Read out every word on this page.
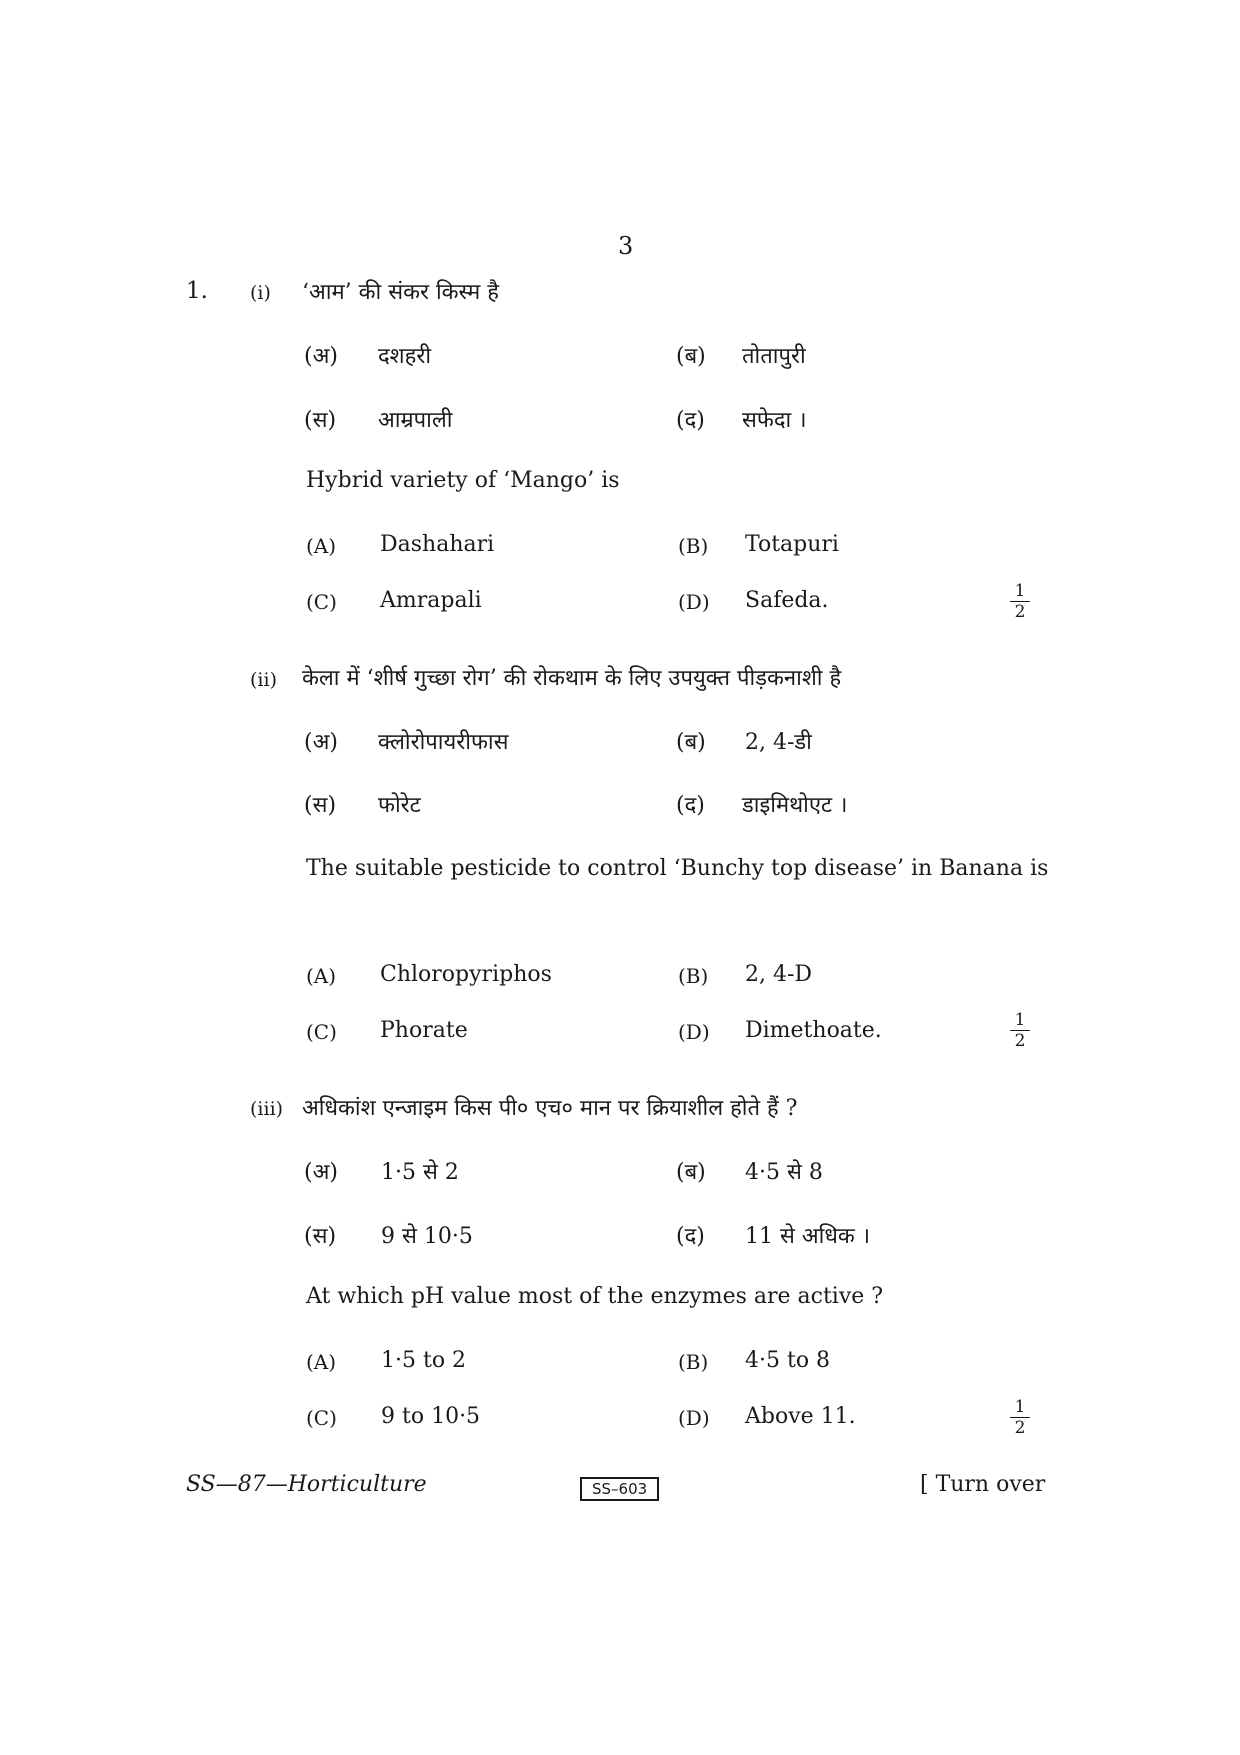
3
1. (i) ‘आम’ की संकर किस्म है
(अ) दशहरी	(ब) तोतापुरी
(स) आम्रपाली	(द) सफेदा ।
Hybrid variety of ‘Mango’ is
(A) Dashahari	(B) Totapuri
(C) Amrapali	(D) Safeda.	1
2
(ii) केला में ‘शीर्ष गुच्छा रोग’ की रोकथाम के लिए उपयुक्त पीड़कनाशी है
(अ) क्लोरोपायरीफास	(ब) 2, 4-डी
(स) फोरेट	(द) डाइमिथोएट ।
The suitable pesticide to control ‘Bunchy top disease’ in Banana is
(A) Chloropyriphos	(B) 2, 4-D
(C) Phorate	(D) Dimethoate.	1
2
(iii) अधिकांश एन्जाइम किस पी० एच० मान पर क्रियाशील होते हैं ?
(अ) 1·5 से 2	(ब) 4·5 से 8
(स) 9 से 10·5	(द) 11 से अधिक ।
At which pH value most of the enzymes are active ?
(A) 1·5 to 2	(B) 4·5 to 8
(C) 9 to 10·5	(D) Above 11.	1
2
SS—87—Horticulture	SS–603	[ Turn over
